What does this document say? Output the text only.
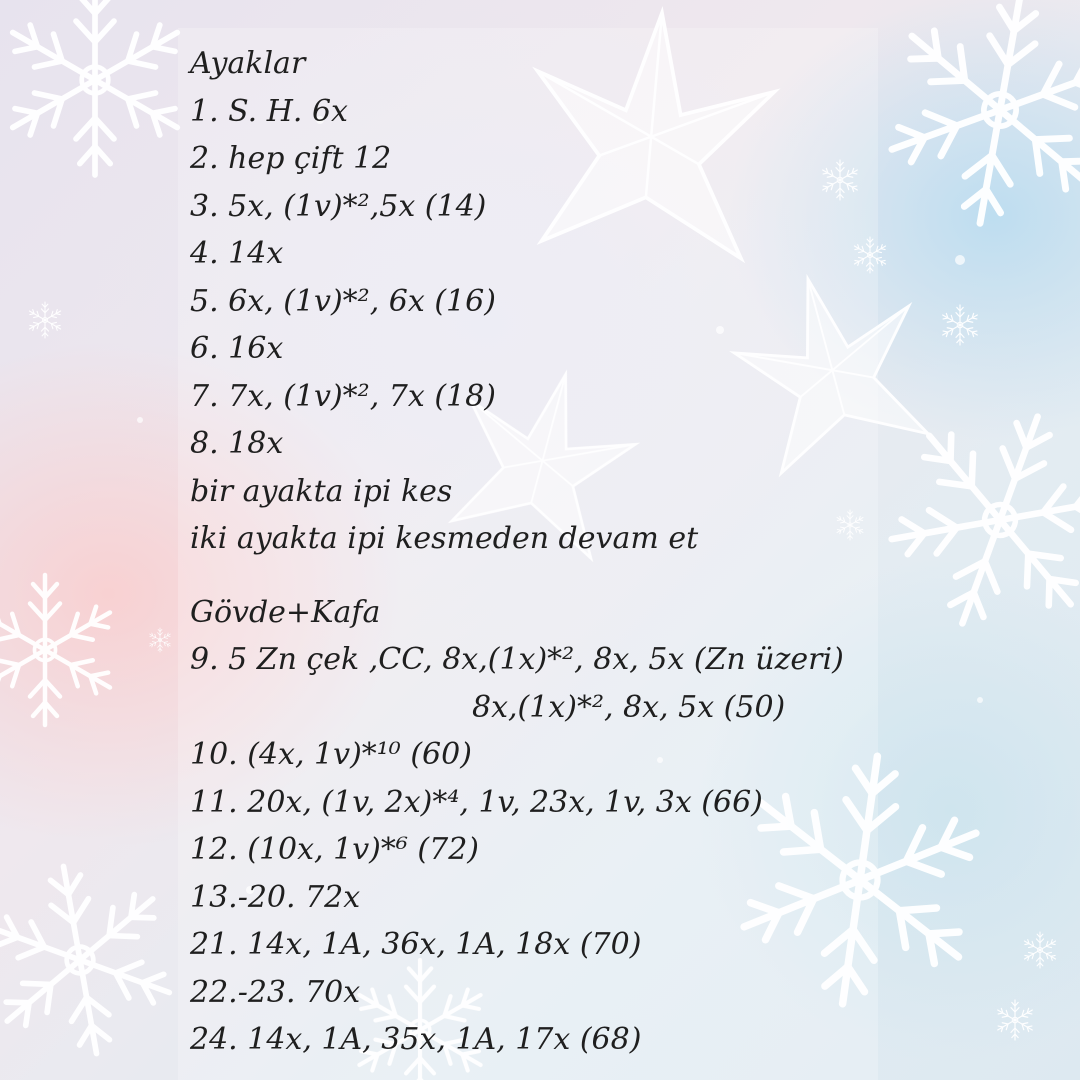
Ayaklar
1. S. H. 6x
2. hep çift 12
3. 5x, (1v)*²,5x (14)
4. 14x
5. 6x, (1v)*², 6x (16)
6. 16x
7. 7x, (1v)*², 7x (18)
8. 18x
bir ayakta ipi kes
iki ayakta ipi kesmeden devam et
Gövde+Kafa
9. 5 Zn çek ,CC, 8x,(1x)*², 8x, 5x (Zn üzeri)
8x,(1x)*², 8x, 5x (50)
10. (4x, 1v)*¹⁰ (60)
11. 20x, (1v, 2x)*⁴, 1v, 23x, 1v, 3x (66)
12. (10x, 1v)*⁶ (72)
13.-20. 72x
21. 14x, 1A, 36x, 1A, 18x (70)
22.-23. 70x
24. 14x, 1A, 35x, 1A, 17x (68)
